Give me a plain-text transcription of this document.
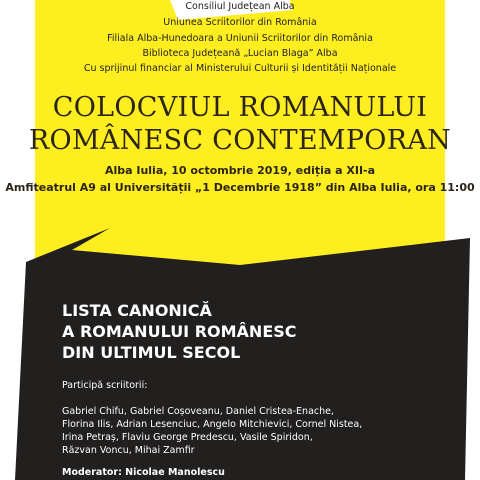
Consiliul Județean Alba
Uniunea Scriitorilor din România
Filiala Alba-Hunedoara a Uniunii Scriitorilor din România
Biblioteca Județeană „Lucian Blaga” Alba
Cu sprijinul financiar al Ministerului Culturii și Identității Naționale
COLOCVIUL ROMANULUI
ROMÂNESC CONTEMPORAN
Alba Iulia, 10 octombrie 2019, ediția a XII-a
Amfiteatrul A9 al Universității „1 Decembrie 1918” din Alba Iulia, ora 11:00
LISTA CANONICĂ
A ROMANULUI ROMÂNESC
DIN ULTIMUL SECOL
Participă scriitorii:
Gabriel Chifu, Gabriel Coșoveanu, Daniel Cristea-Enache,
Florina Ilis, Adrian Lesenciuc, Angelo Mitchievici, Cornel Nistea,
Irina Petraș, Flaviu George Predescu, Vasile Spiridon,
Răzvan Voncu, Mihai Zamfir
Moderator: Nicolae Manolescu
